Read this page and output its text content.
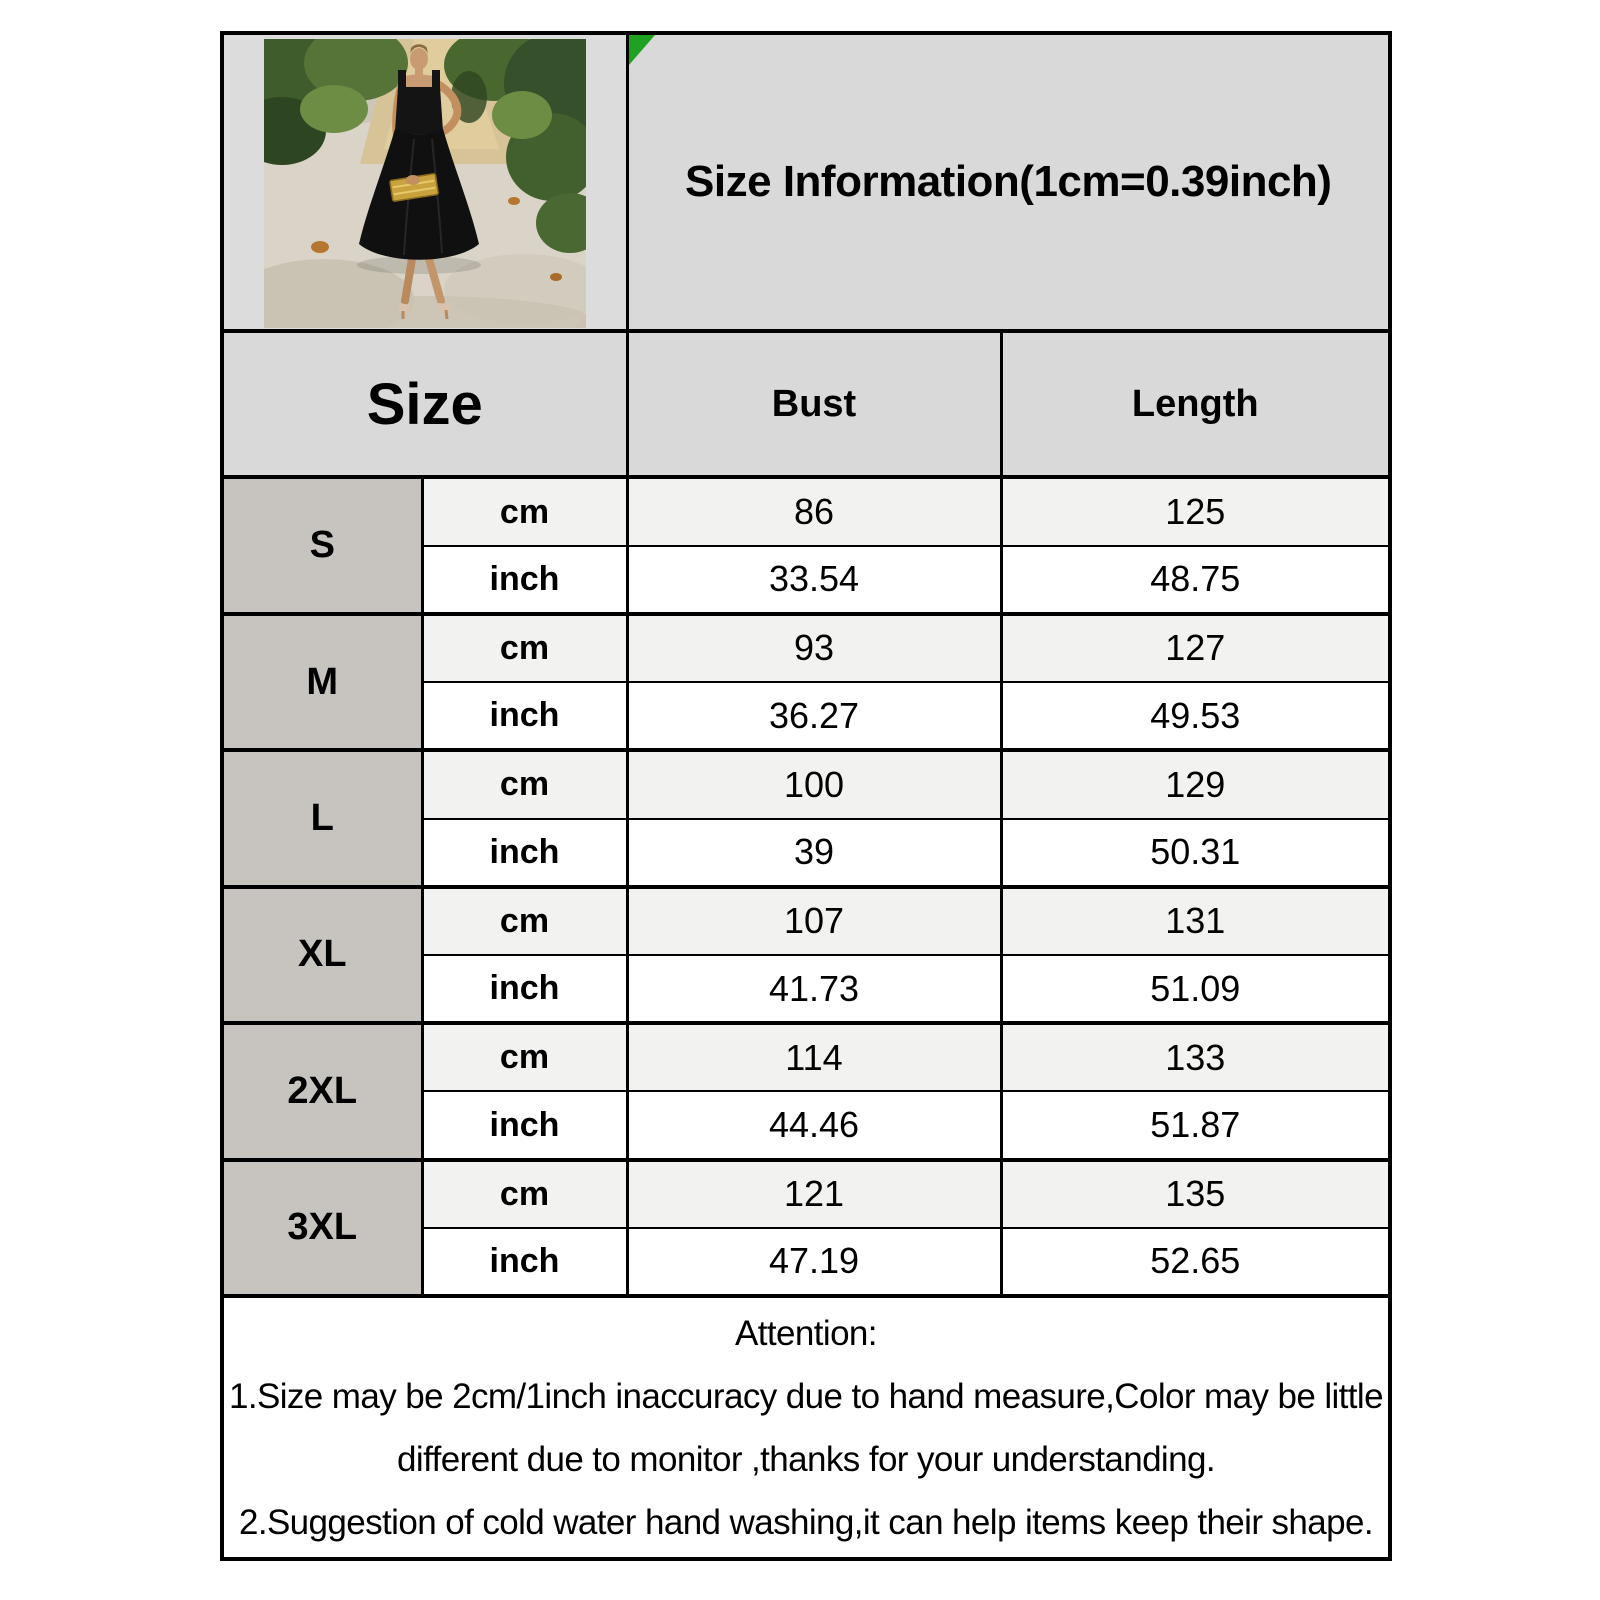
Size Information(1cm=0.39inch)	

Size		Bust	Length
S	cm	86	125
	inch	33.54	48.75
M	cm	93	127
	inch	36.27	49.53
L	cm	100	129
	inch	39	50.31
XL	cm	107	131
	inch	41.73	51.09
2XL	cm	114	133
	inch	44.46	51.87
3XL	cm	121	135
	inch	47.19	52.65

Attention:
1.Size may be 2cm/1inch inaccuracy due to hand measure,Color may be little different due to monitor ,thanks for your understanding.
2.Suggestion of cold water hand washing,it can help items keep their shape.			
